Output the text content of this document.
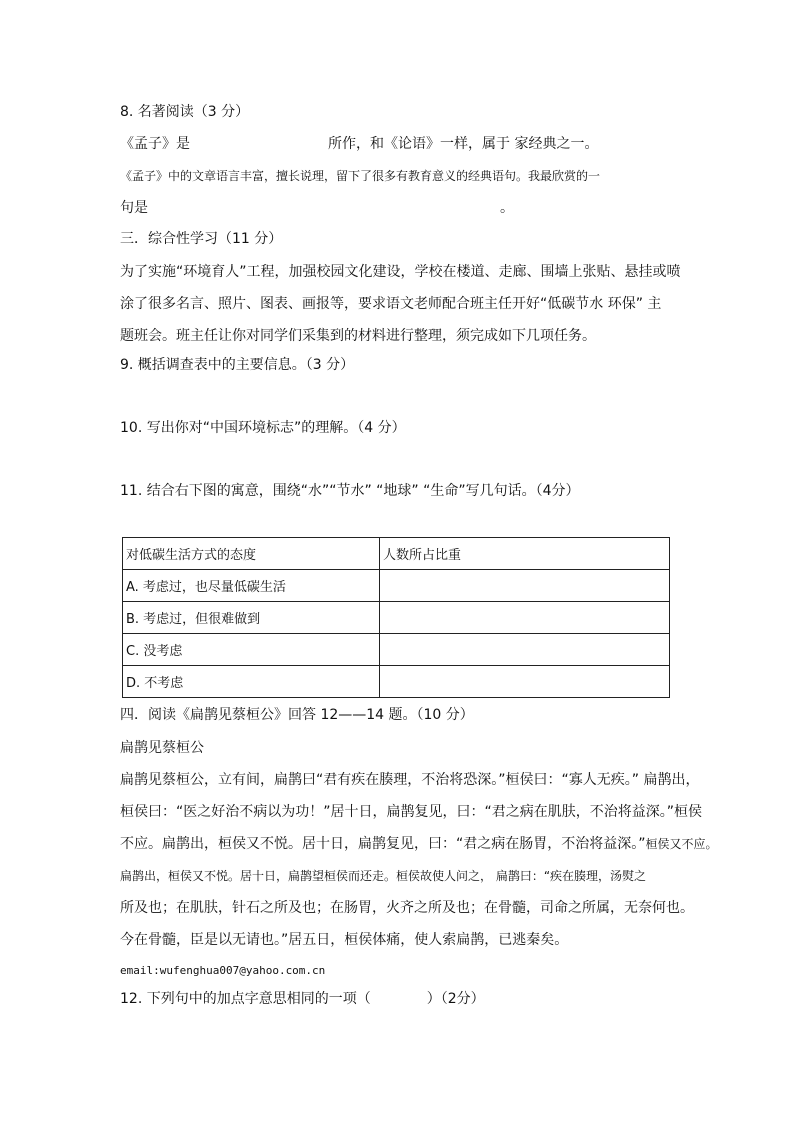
8. 名著阅读（3 分）
《孟子》是	所作，和《论语》一样，属于 家经典之一。
《孟子》中的文章语言丰富，擅长说理，留下了很多有教育意义的经典语句。我最欣赏的一
句是	。
三．综合性学习（11 分）
为了实施“环境育人”工程，加强校园文化建设，学校在楼道、走廊、围墙上张贴、悬挂或喷
涂了很多名言、照片、图表、画报等，要求语文老师配合班主任开好“低碳节水 环保” 主
题班会。班主任让你对同学们采集到的材料进行整理，须完成如下几项任务。
9. 概括调查表中的主要信息。（3 分）
10. 写出你对“中国环境标志”的理解。（4 分）
11. 结合右下图的寓意，围绕“水”“节水” “地球” “生命”写几句话。（4分）
对低碳生活方式的态度	人数所占比重
A. 考虑过，也尽量低碳生活	
B. 考虑过，但很难做到	
C. 没考虑	
D. 不考虑	
四．阅读《扁鹊见蔡桓公》回答 12——14 题。（10 分）
扁鹊见蔡桓公
扁鹊见蔡桓公，立有间，扁鹊曰“君有疾在腠理，不治将恐深。”桓侯曰：“寡人无疾。” 扁鹊出，
桓侯曰：“医之好治不病以为功！”居十日，扁鹊复见，曰：“君之病在肌肤，不治将益深。”桓侯
不应。扁鹊出，桓侯又不悦。居十日，扁鹊复见，曰：“君之病在肠胃，不治将益深。”桓侯又不应。
扁鹊出，桓侯又不悦。居十日，扁鹊望桓侯而还走。桓侯故使人问之， 扁鹊曰：“疾在腠理，汤熨之
所及也；在肌肤，针石之所及也；在肠胃，火齐之所及也；在骨髓，司命之所属，无奈何也。
今在骨髓，臣是以无请也。”居五日，桓侯体痛，使人索扁鹊，已逃秦矣。
email:wufenghua007@yahoo.com.cn
12. 下列句中的加点字意思相同的一项（	）（2分）
